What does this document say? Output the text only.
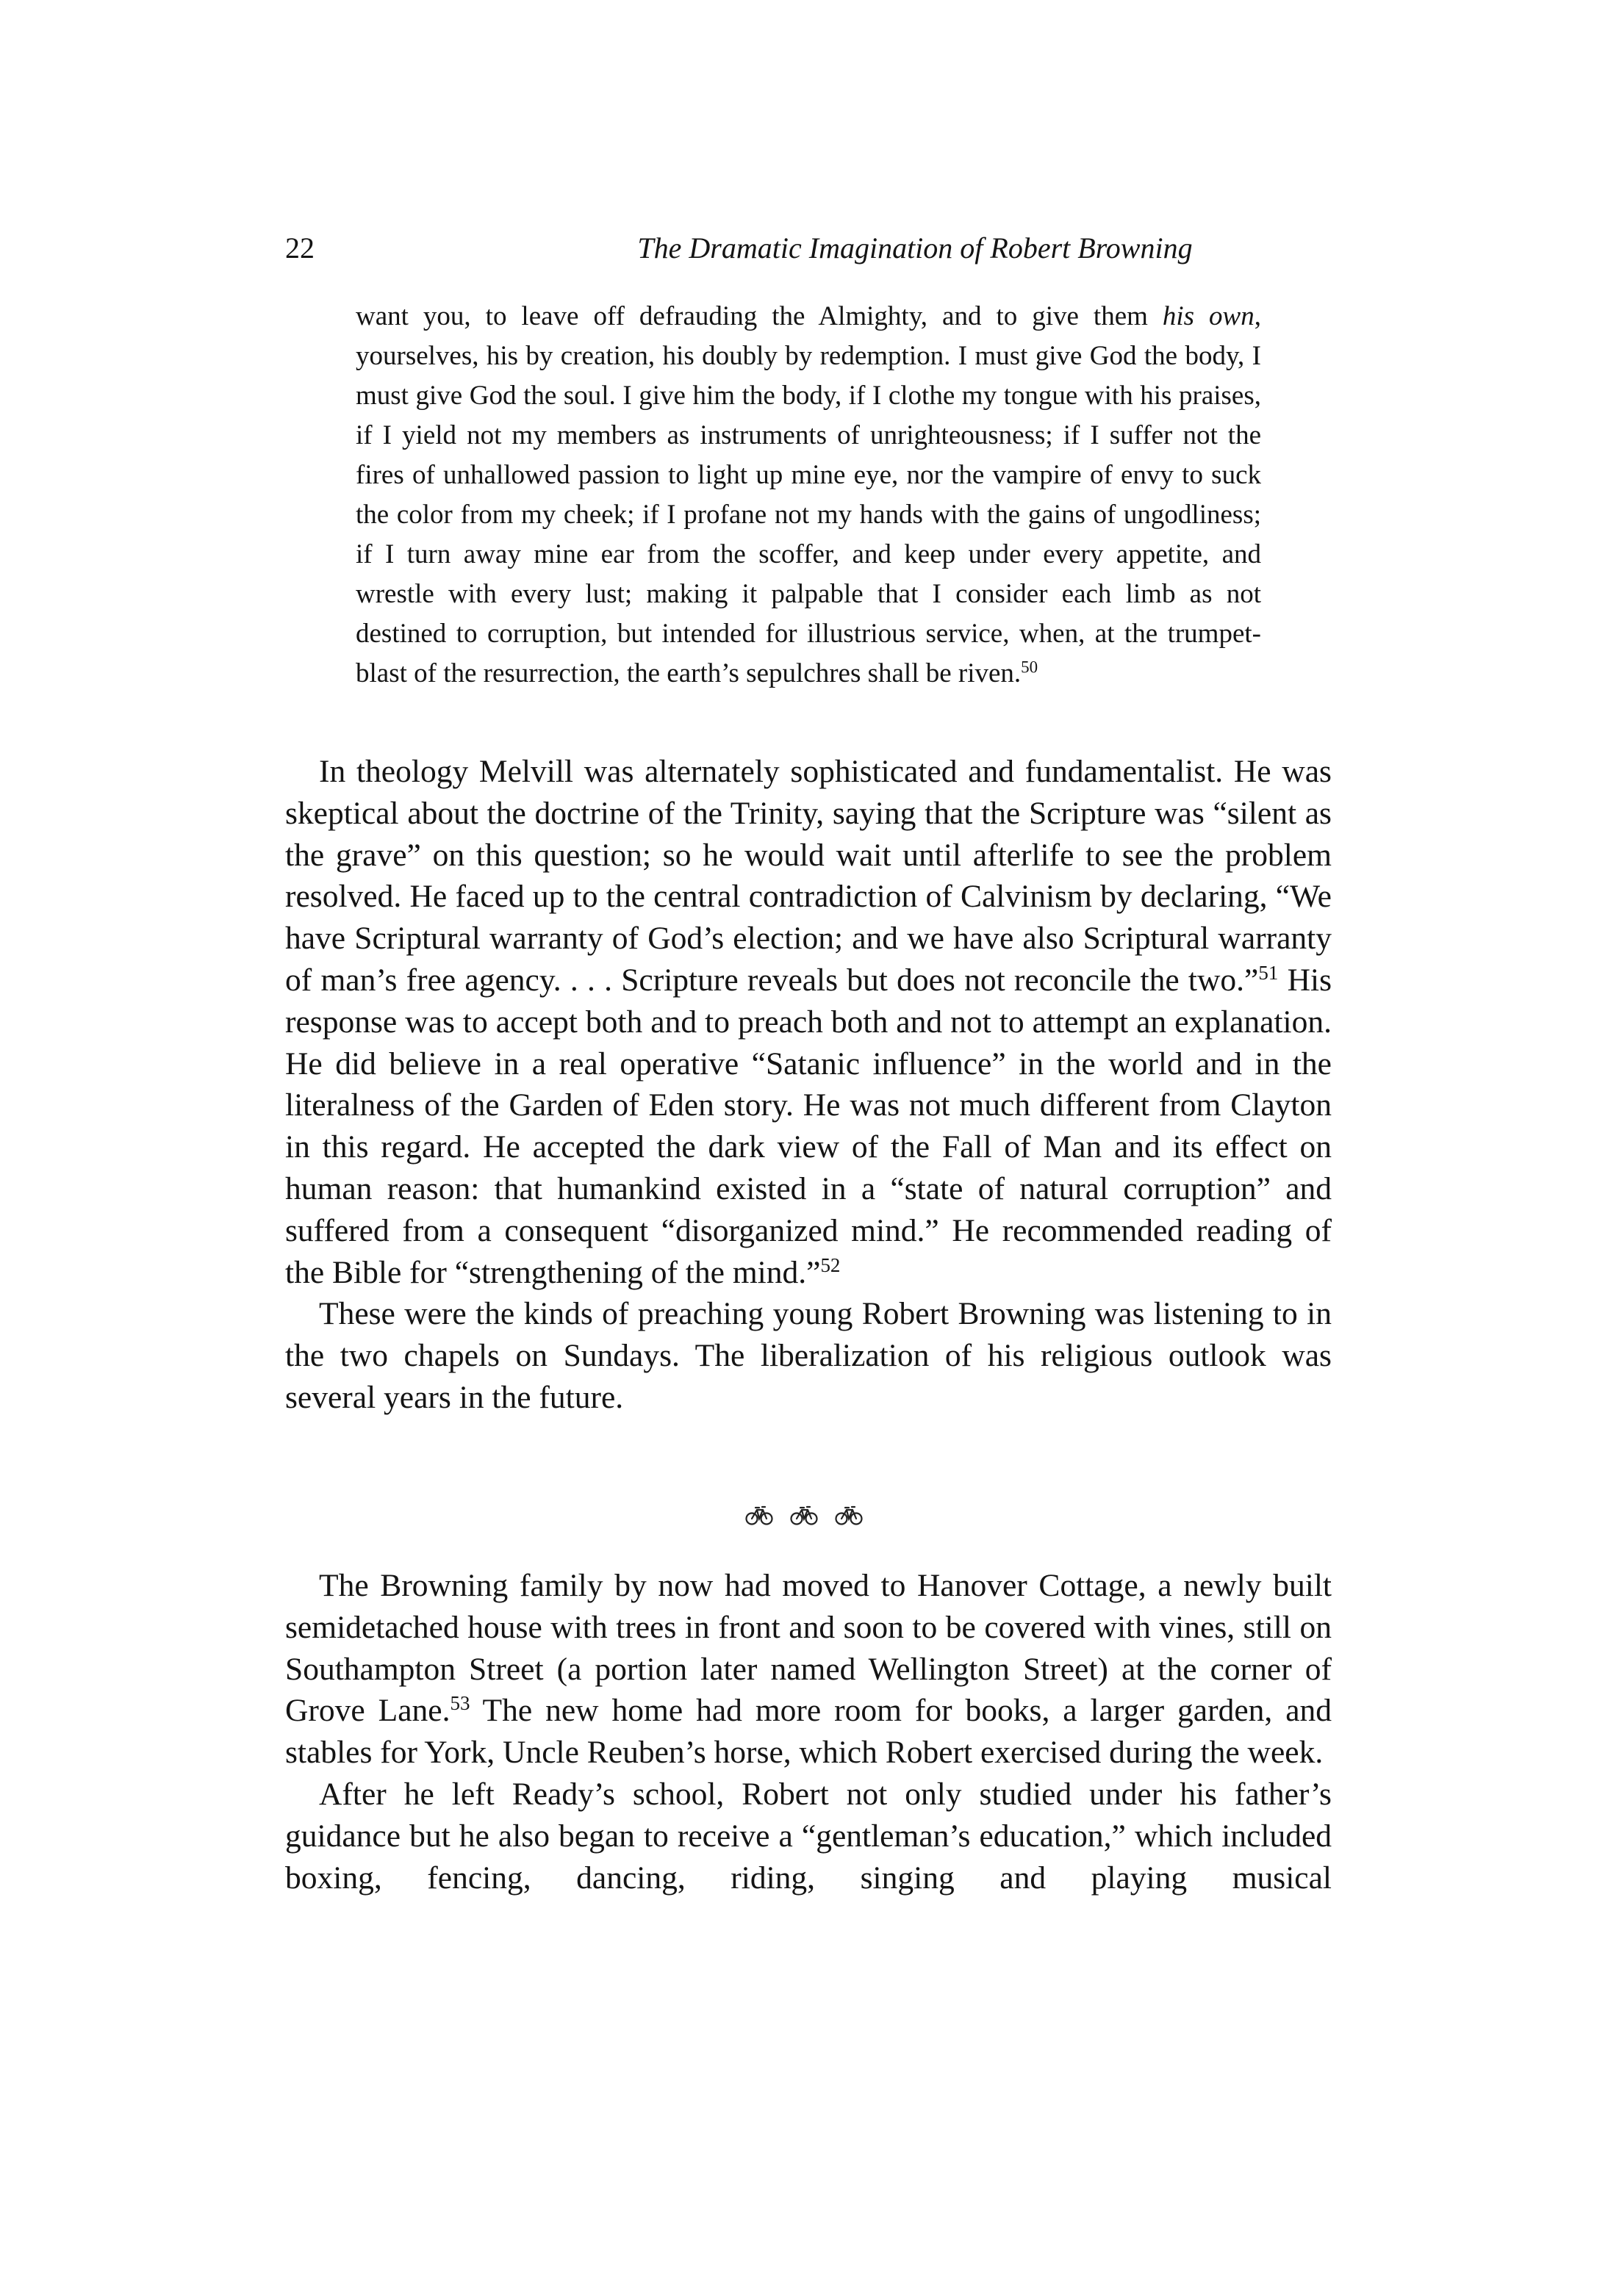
22	The Dramatic Imagination of Robert Browning
want you, to leave off defrauding the Almighty, and to give them his own, yourselves, his by creation, his doubly by redemption. I must give God the body, I must give God the soul. I give him the body, if I clothe my tongue with his praises, if I yield not my members as instruments of unrighteousness; if I suffer not the fires of unhallowed passion to light up mine eye, nor the vampire of envy to suck the color from my cheek; if I profane not my hands with the gains of ungodliness; if I turn away mine ear from the scoffer, and keep under every appetite, and wrestle with every lust; making it palpable that I consider each limb as not destined to corruption, but intended for illustrious service, when, at the trumpet-blast of the resurrection, the earth’s sepulchres shall be riven.$^{50}$

In theology Melvill was alternately sophisticated and fundamentalist. He was skeptical about the doctrine of the Trinity, saying that the Scripture was “silent as the grave” on this question; so he would wait until afterlife to see the problem resolved. He faced up to the central contradiction of Calvinism by declaring, “We have Scriptural warranty of God’s election; and we have also Scriptural warranty of man’s free agency. . . . Scripture reveals but does not reconcile the two.”$^{51}$ His response was to accept both and to preach both and not to attempt an explanation. He did believe in a real operative “Satanic influence” in the world and in the literalness of the Garden of Eden story. He was not much different from Clayton in this regard. He accepted the dark view of the Fall of Man and its effect on human reason: that humankind existed in a “state of natural corruption” and suffered from a consequent “disorganized mind.” He recommended reading of the Bible for “strengthening of the mind.”$^{52}$

These were the kinds of preaching young Robert Browning was listening to in the two chapels on Sundays. The liberalization of his religious outlook was several years in the future.

The Browning family by now had moved to Hanover Cottage, a newly built semidetached house with trees in front and soon to be covered with vines, still on Southampton Street (a portion later named Wellington Street) at the corner of Grove Lane.$^{53}$ The new home had more room for books, a larger garden, and stables for York, Uncle Reuben’s horse, which Robert exercised during the week.

After he left Ready’s school, Robert not only studied under his father’s guidance but he also began to receive a “gentleman’s education,” which included boxing, fencing, dancing, riding, singing and playing musical
